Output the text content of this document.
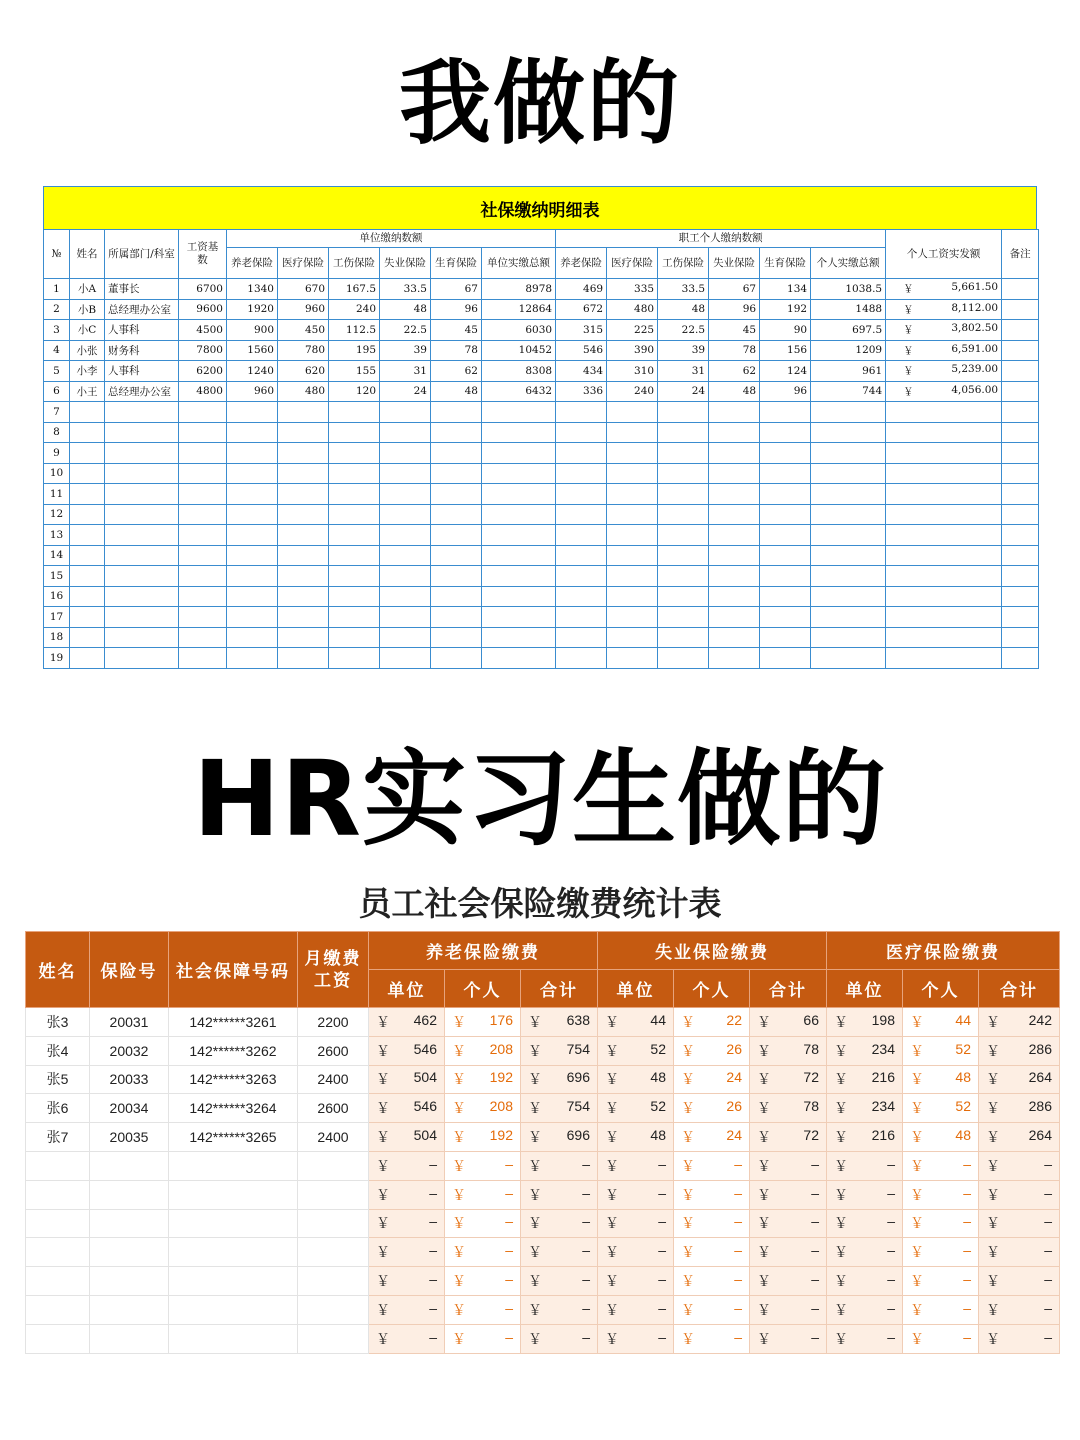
我做的
社保缴纳明细表
№	姓名	所属部门/科室	工资基数	单位缴纳数额						职工个人缴纳数额						个人工资实发额	备注
				养老保险	医疗保险	工伤保险	失业保险	生育保险	单位实缴总额	养老保险	医疗保险	工伤保险	失业保险	生育保险	个人实缴总额		
1	小A	董事长	6700	1340	670	167.5	33.5	67	8978	469	335	33.5	67	134	1038.5	￥ 5,661.50	
2	小B	总经理办公室	9600	1920	960	240	48	96	12864	672	480	48	96	192	1488	￥ 8,112.00	
3	小C	人事科	4500	900	450	112.5	22.5	45	6030	315	225	22.5	45	90	697.5	￥ 3,802.50	
4	小张	财务科	7800	1560	780	195	39	78	10452	546	390	39	78	156	1209	￥ 6,591.00	
5	小李	人事科	6200	1240	620	155	31	62	8308	434	310	31	62	124	961	￥ 5,239.00	
6	小王	总经理办公室	4800	960	480	120	24	48	6432	336	240	24	48	96	744	￥ 4,056.00	
7																	
8																	
9																	
10																	
11																	
12																	
13																	
14																	
15																	
16																	
17																	
18																	
19																	
HR实习生做的
员工社会保险缴费统计表
姓名	保险号	社会保障号码	月缴费工资	养老保险缴费			失业保险缴费			医疗保险缴费		
				单位	个人	合计	单位	个人	合计	单位	个人	合计
张3	20031	142******3261	2200	￥ 462	￥ 176	￥ 638	￥ 44	￥ 22	￥ 66	￥ 198	￥ 44	￥ 242

张4	20032	142******3262	2600	￥ 546	￥ 208	￥ 754	￥ 52	￥ 26	￥ 78	￥ 234	￥ 52	￥ 286

张5	20033	142******3263	2400	￥ 504	￥ 192	￥ 696	￥ 48	￥ 24	￥ 72	￥ 216	￥ 48	￥ 264

张6	20034	142******3264	2600	￥ 546	￥ 208	￥ 754	￥ 52	￥ 26	￥ 78	￥ 234	￥ 52	￥ 286

张7	20035	142******3265	2400	￥ 504	￥ 192	￥ 696	￥ 48	￥ 24	￥ 72	￥ 216	￥ 48	￥ 264

				￥ –	￥ –	￥ –	￥ –	￥ –	￥ –	￥ –	￥ –	￥ –

				￥ –	￥ –	￥ –	￥ –	￥ –	￥ –	￥ –	￥ –	￥ –

				￥ –	￥ –	￥ –	￥ –	￥ –	￥ –	￥ –	￥ –	￥ –

				￥ –	￥ –	￥ –	￥ –	￥ –	￥ –	￥ –	￥ –	￥ –

				￥ –	￥ –	￥ –	￥ –	￥ –	￥ –	￥ –	￥ –	￥ –

				￥ –	￥ –	￥ –	￥ –	￥ –	￥ –	￥ –	￥ –	￥ –

				￥ –	￥ –	￥ –	￥ –	￥ –	￥ –	￥ –	￥ –	￥ –
